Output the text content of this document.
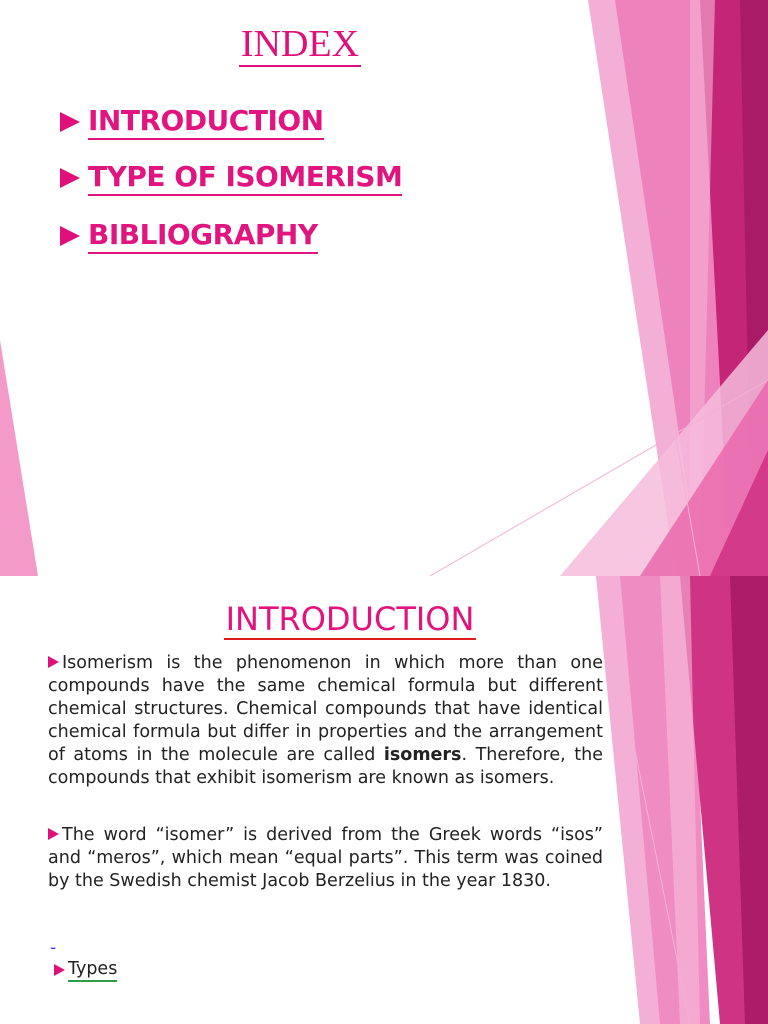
INDEX
INTRODUCTION
TYPE OF ISOMERISM
BIBLIOGRAPHY
INTRODUCTION
Isomerism is the phenomenon in which more than one compounds have the same chemical formula but different chemical structures. Chemical compounds that have identical chemical formula but differ in properties and the arrangement of atoms in the molecule are called isomers. Therefore, the compounds that exhibit isomerism are known as isomers.
The word “isomer” is derived from the Greek words “isos” and “meros”, which mean “equal parts”. This term was coined by the Swedish chemist Jacob Berzelius in the year 1830.
-
Types
